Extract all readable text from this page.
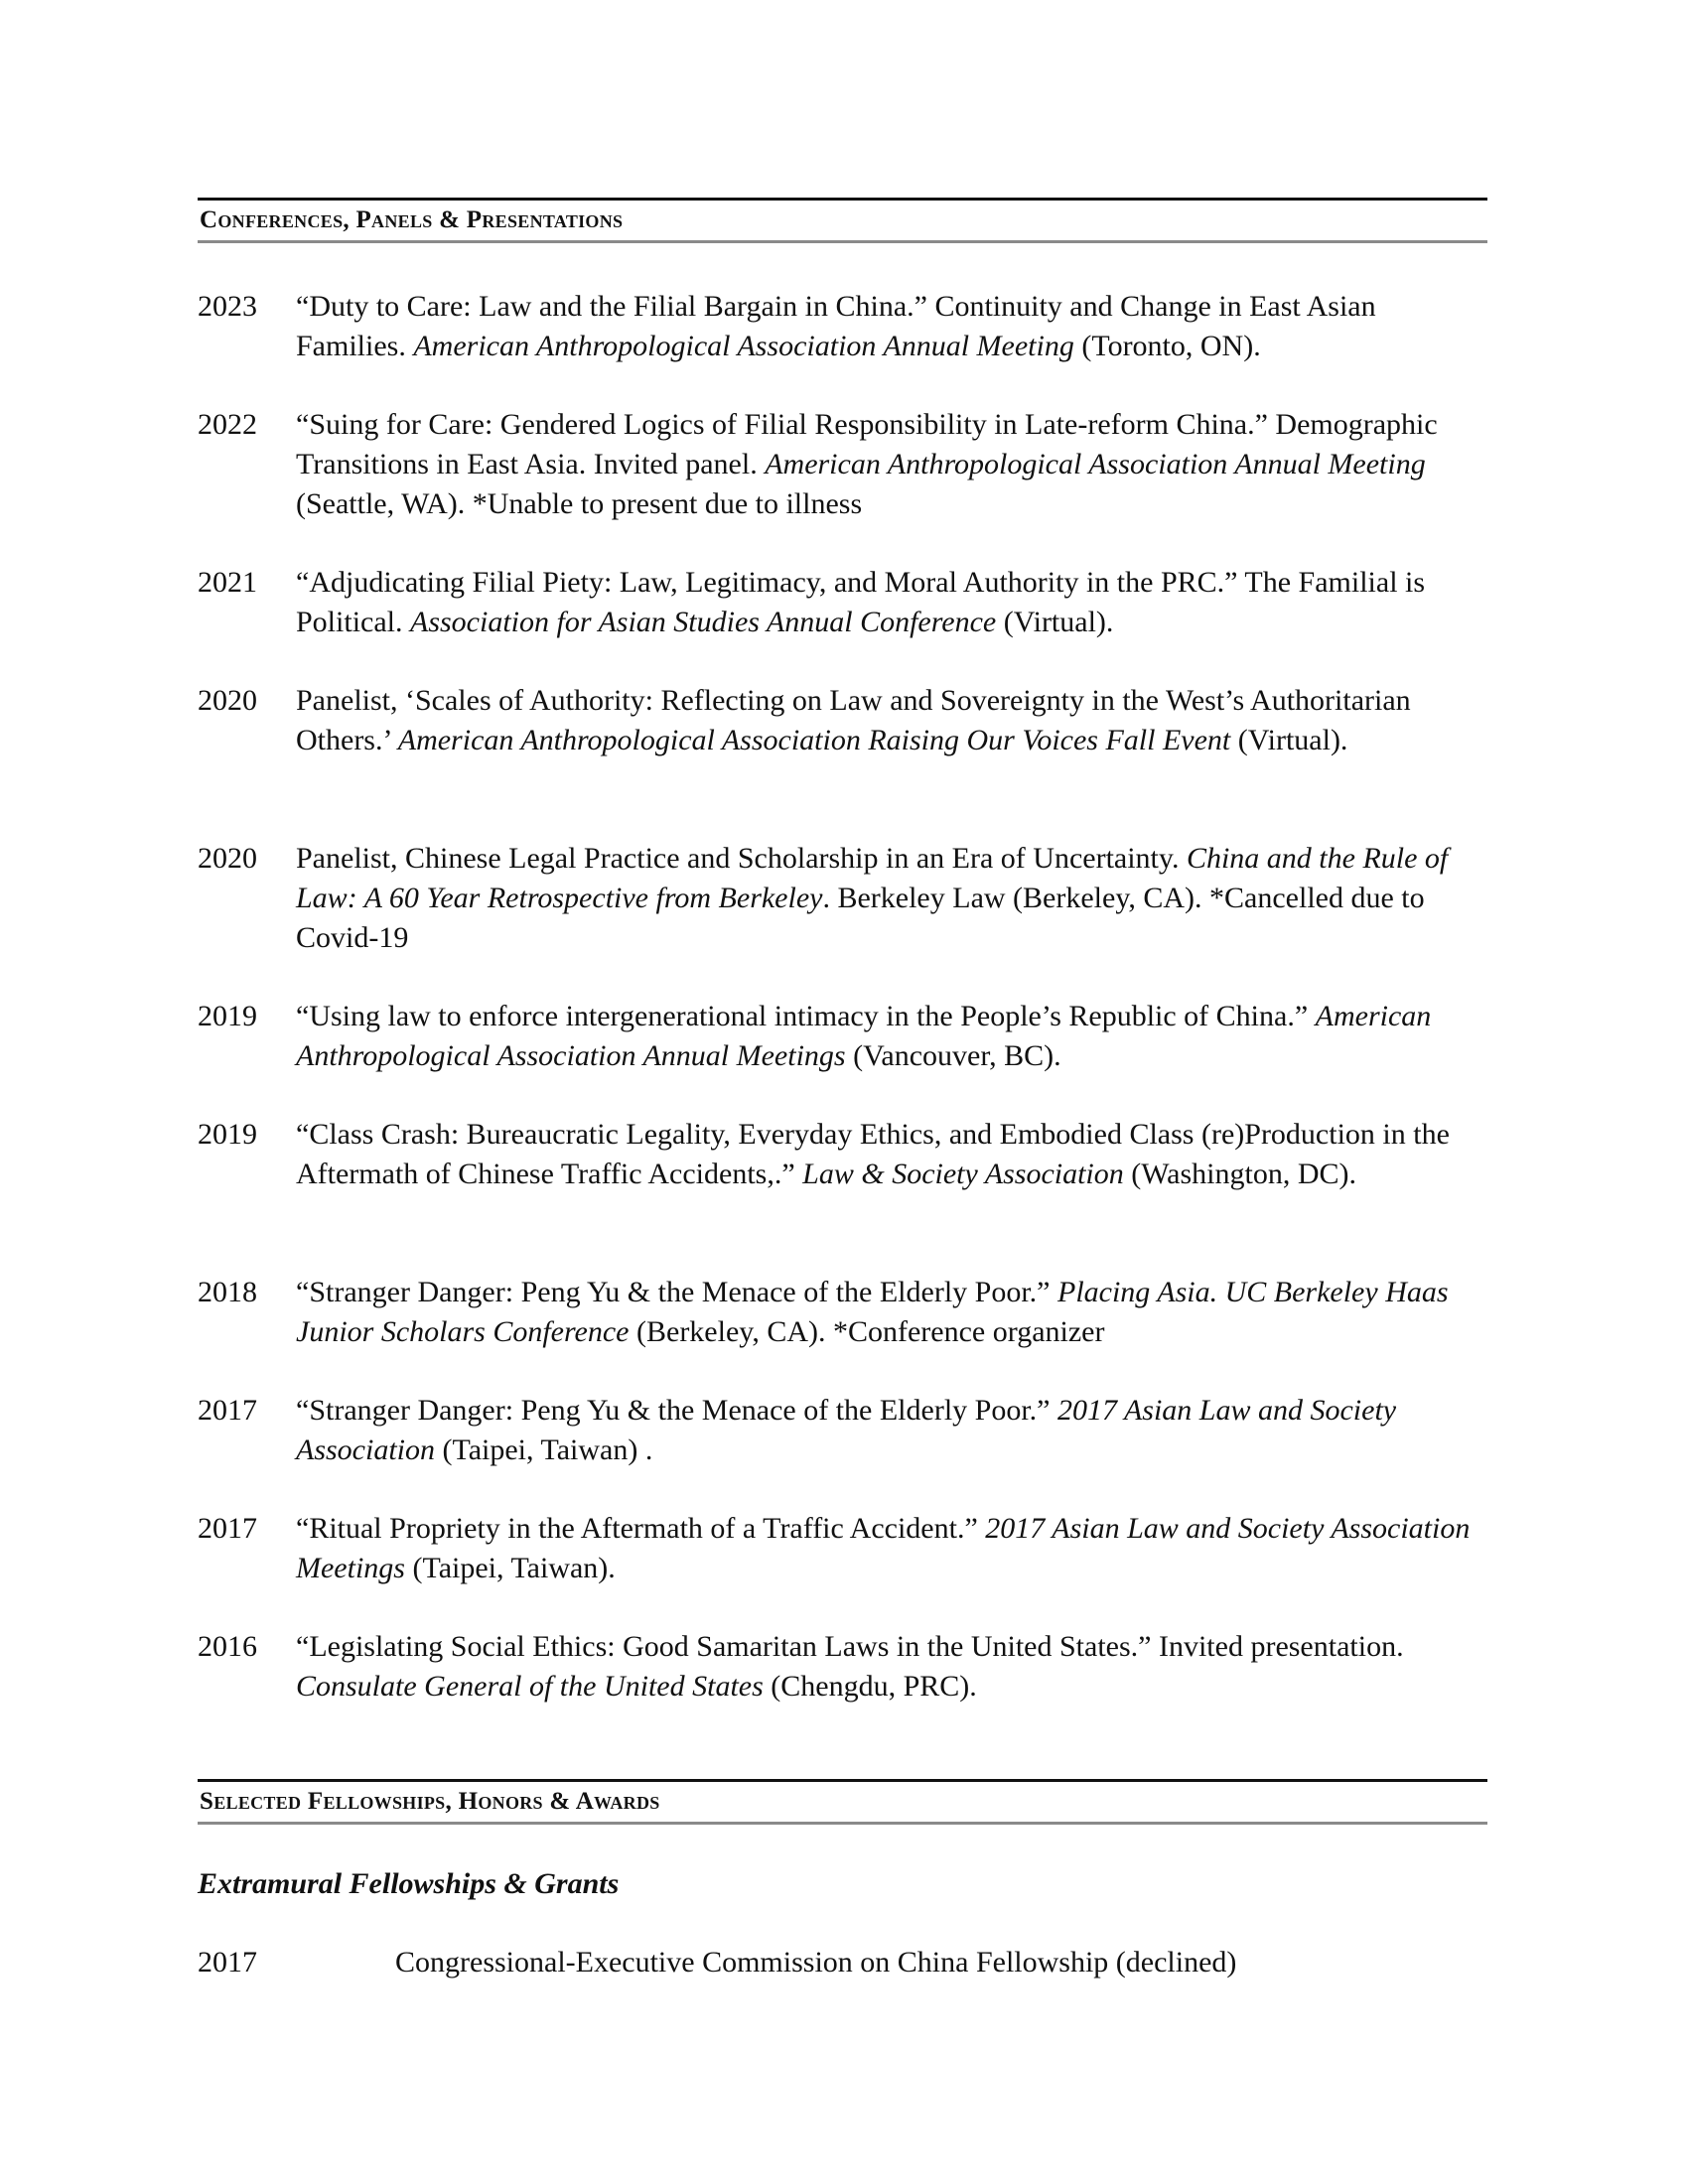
Conferences, Panels & Presentations
2023 “Duty to Care: Law and the Filial Bargain in China.” Continuity and Change in East Asian Families. American Anthropological Association Annual Meeting (Toronto, ON).
2022 “Suing for Care: Gendered Logics of Filial Responsibility in Late-reform China.” Demographic Transitions in East Asia. Invited panel. American Anthropological Association Annual Meeting (Seattle, WA). *Unable to present due to illness
2021 “Adjudicating Filial Piety: Law, Legitimacy, and Moral Authority in the PRC.” The Familial is Political. Association for Asian Studies Annual Conference (Virtual).
2020 Panelist, ‘Scales of Authority: Reflecting on Law and Sovereignty in the West’s Authoritarian Others.’ American Anthropological Association Raising Our Voices Fall Event (Virtual).
2020 Panelist, Chinese Legal Practice and Scholarship in an Era of Uncertainty. China and the Rule of Law: A 60 Year Retrospective from Berkeley. Berkeley Law (Berkeley, CA). *Cancelled due to Covid-19
2019 “Using law to enforce intergenerational intimacy in the People’s Republic of China.” American Anthropological Association Annual Meetings (Vancouver, BC).
2019 “Class Crash: Bureaucratic Legality, Everyday Ethics, and Embodied Class (re)Production in the Aftermath of Chinese Traffic Accidents,.” Law & Society Association (Washington, DC).
2018 “Stranger Danger: Peng Yu & the Menace of the Elderly Poor.” Placing Asia. UC Berkeley Haas Junior Scholars Conference (Berkeley, CA). *Conference organizer
2017 “Stranger Danger: Peng Yu & the Menace of the Elderly Poor.” 2017 Asian Law and Society Association (Taipei, Taiwan) .
2017 “Ritual Propriety in the Aftermath of a Traffic Accident.” 2017 Asian Law and Society Association Meetings (Taipei, Taiwan).
2016 “Legislating Social Ethics: Good Samaritan Laws in the United States.” Invited presentation. Consulate General of the United States (Chengdu, PRC).
Selected Fellowships, Honors & Awards
Extramural Fellowships & Grants
2017	Congressional-Executive Commission on China Fellowship (declined)
